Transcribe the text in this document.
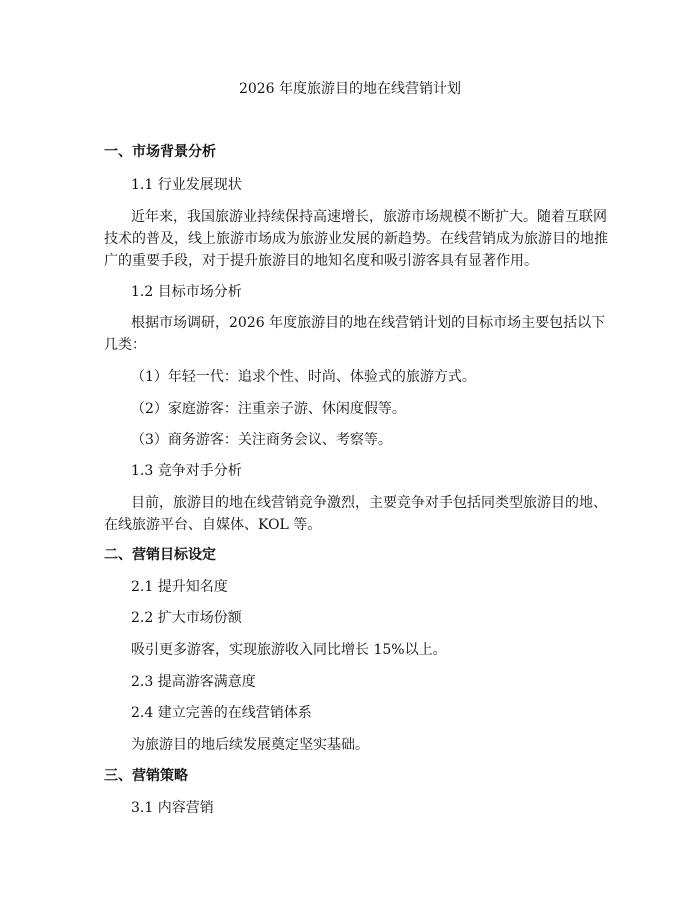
2026 年度旅游目的地在线营销计划

一、市场背景分析

1.1 行业发展现状

近年来，我国旅游业持续保持高速增长，旅游市场规模不断扩大。随着互联网

技术的普及，线上旅游市场成为旅游业发展的新趋势。在线营销成为旅游目的地推

广的重要手段，对于提升旅游目的地知名度和吸引游客具有显著作用。

1.2 目标市场分析

根据市场调研，2026 年度旅游目的地在线营销计划的目标市场主要包括以下

几类：

（1）年轻一代：追求个性、时尚、体验式的旅游方式。

（2）家庭游客：注重亲子游、休闲度假等。

（3）商务游客：关注商务会议、考察等。

1.3 竞争对手分析

目前，旅游目的地在线营销竞争激烈，主要竞争对手包括同类型旅游目的地、

在线旅游平台、自媒体、KOL 等。

二、营销目标设定

2.1 提升知名度

2.2 扩大市场份额

吸引更多游客，实现旅游收入同比增长 15%以上。

2.3 提高游客满意度

2.4 建立完善的在线营销体系

为旅游目的地后续发展奠定坚实基础。

三、营销策略

3.1 内容营销
